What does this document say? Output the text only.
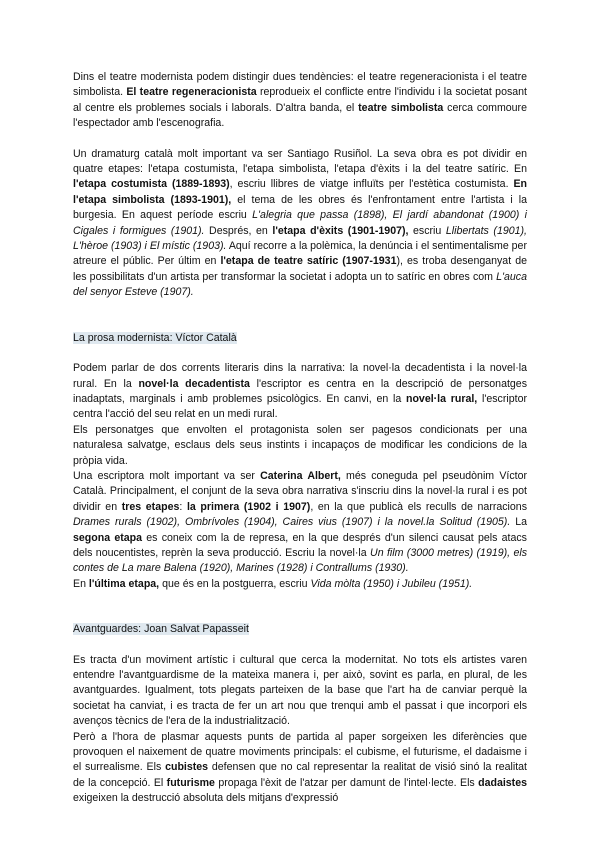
Dins el teatre modernista podem distingir dues tendències: el teatre regeneracionista i el teatre simbolista. El teatre regeneracionista reprodueix el conflicte entre l'individu i la societat posant al centre els problemes socials i laborals. D'altra banda, el teatre simbolista cerca commoure l'espectador amb l'escenografia.

Un dramaturg català molt important va ser Santiago Rusiñol. La seva obra es pot dividir en quatre etapes: l'etapa costumista, l'etapa simbolista, l'etapa d'èxits i la del teatre satíric. En l'etapa costumista (1889-1893), escriu llibres de viatge influïts per l'estètica costumista. En l'etapa simbolista (1893-1901), el tema de les obres és l'enfrontament entre l'artista i la burgesia. En aquest període escriu L'alegria que passa (1898), El jardí abandonat (1900) i Cigales i formigues (1901). Després, en l'etapa d'èxits (1901-1907), escriu Llibertats (1901), L'hèroe (1903) i El místic (1903). Aquí recorre a la polèmica, la denúncia i el sentimentalisme per atreure el públic. Per últim en l'etapa de teatre satíric (1907-1931), es troba desenganyat de les possibilitats d'un artista per transformar la societat i adopta un to satíric en obres com L'auca del senyor Esteve (1907).

La prosa modernista: Víctor Català

Podem parlar de dos corrents literaris dins la narrativa: la novel·la decadentista i la novel·la rural. En la novel·la decadentista l'escriptor es centra en la descripció de personatges inadaptats, marginals i amb problemes psicològics. En canvi, en la novel·la rural, l'escriptor centra l'acció del seu relat en un medi rural.

Els personatges que envolten el protagonista solen ser pagesos condicionats per una naturalesa salvatge, esclaus dels seus instints i incapaços de modificar les condicions de la pròpia vida.

Una escriptora molt important va ser Caterina Albert, més coneguda pel pseudònim Víctor Català. Principalment, el conjunt de la seva obra narrativa s'inscriu dins la novel·la rural i es pot dividir en tres etapes: la primera (1902 i 1907), en la que publicà els reculls de narracions Drames rurals (1902), Ombrívoles (1904), Caires vius (1907) i la novel.la Solitud (1905). La segona etapa es coneix com la de represa, en la que després d'un silenci causat pels atacs dels noucentistes, reprèn la seva producció. Escriu la novel·la Un film (3000 metres) (1919), els contes de La mare Balena (1920), Marines (1928) i Contrallums (1930).

En l'última etapa, que és en la postguerra, escriu Vida mòlta (1950) i Jubileu (1951).

Avantguardes: Joan Salvat Papasseit

Es tracta d'un moviment artístic i cultural que cerca la modernitat. No tots els artistes varen entendre l'avantguardisme de la mateixa manera i, per això, sovint es parla, en plural, de les avantguardes. Igualment, tots plegats parteixen de la base que l'art ha de canviar perquè la societat ha canviat, i es tracta de fer un art nou que trenqui amb el passat i que incorpori els avenços tècnics de l'era de la industrialització.

Però a l'hora de plasmar aquests punts de partida al paper sorgeixen les diferències que provoquen el naixement de quatre moviments principals: el cubisme, el futurisme, el dadaisme i el surrealisme. Els cubistes defensen que no cal representar la realitat de visió sinó la realitat de la concepció. El futurisme propaga l'èxit de l'atzar per damunt de l'intel·lecte. Els dadaistes exigeixen la destrucció absoluta dels mitjans d'expressió
